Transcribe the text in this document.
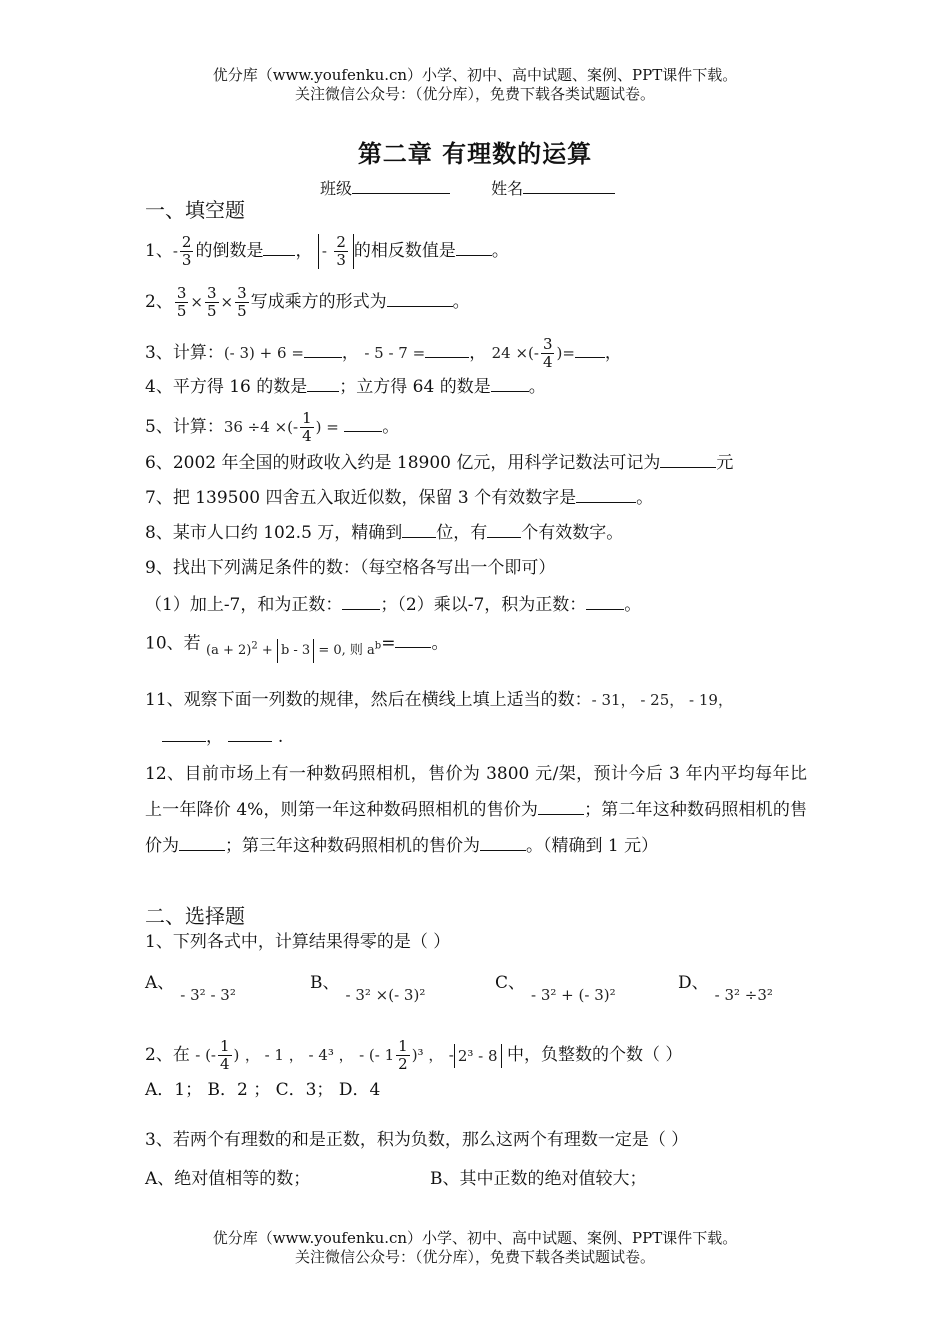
优分库（www.youfenku.cn）小学、初中、高中试题、案例、PPT课件下载。
关注微信公众号：（优分库），免费下载各类试题试卷。
第二章 有理数的运算
班级	姓名
一、填空题
1、- $\frac{2}{3}$ 的倒数是 ， - $\frac{2}{3}$ 的相反数值是 。
2、 $\frac{3}{5} \times \frac{3}{5} \times \frac{3}{5}$ 写成乘方的形式为	。
3、计算：(- 3) + 6 = ， - 5 - 7 =	， 24 ×(- $\frac{3}{4}$ )= ，
4、平方得 16 的数是 ；立方得 64 的数是 。
5、计算：36 ÷4 ×(- $\frac{1}{4}$ ) =	。
6、2002 年全国的财政收入约是 18900 亿元，用科学记数法可记为	元
7、把 139500 四舍五入取近似数，保留 3 个有效数字是	。
8、某市人口约 102.5 万，精确到 位，有 个有效数字。
9、找出下列满足条件的数：（每空格各写出一个即可）
（1）加上-7，和为正数： ；（2）乘以-7，积为正数： 。
10、若 $_{(a + 2)^2 + b - 3 = 0, 则 a^b}$= 。
11、观察下面一列数的规律，然后在横线上填上适当的数：- 31， - 25， - 19，
，	.
12、目前市场上有一种数码照相机，售价为 3800 元/架，预计今后 3 年内平均每年比上一年降价 4%，则第一年这种数码照相机的售价为	；第二年这种数码照相机的售价为	；第三年这种数码照相机的售价为	。（精确到 1 元）
二、选择题
1、下列各式中，计算结果得零的是（ ）
A、- 3² - 3²
B、- 3² ×(- 3)²
C、- 3² + (- 3)²
D、- 3² ÷3²
2、在 - (- $\frac{1}{4}$ ) ， - 1 ， - 4³ ， - (- $1 \frac{1}{2} )^3$ ， - 2³ - 8 中，负整数的个数（ ）
A．1； B．2 ； C．3； D．4
3、若两个有理数的和是正数，积为负数，那么这两个有理数一定是（ ）
A、绝对值相等的数；	B、其中正数的绝对值较大；
优分库（www.youfenku.cn）小学、初中、高中试题、案例、PPT课件下载。
关注微信公众号：（优分库），免费下载各类试题试卷。
